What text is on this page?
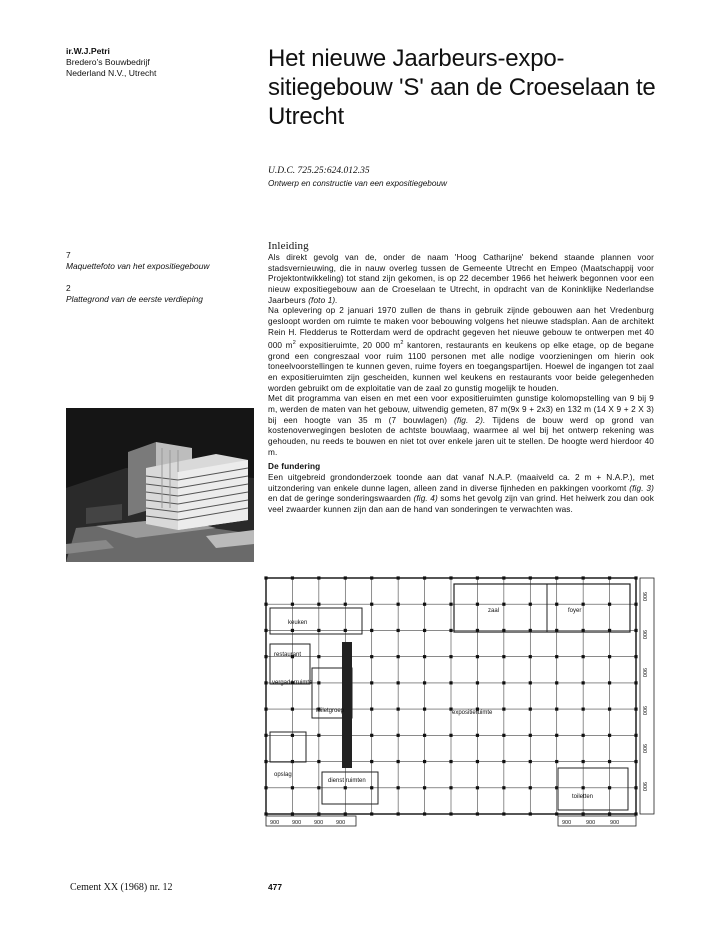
ir.W.J.Petri
Bredero's Bouwbedrijf
Nederland N.V., Utrecht
Het nieuwe Jaarbeurs-expo-sitiegebouw 'S' aan de Croeselaan te Utrecht
U.D.C. 725.25:624.012.35
Ontwerp en constructie van een expositiegebouw
7
Maquettefoto van het expositiegebouw
2
Plattegrond van de eerste verdieping
Inleiding

Als direkt gevolg van de, onder de naam 'Hoog Catharijne' bekend staande plannen voor stadsvernieuwing, die in nauw overleg tussen de Gemeente Utrecht en Empeo (Maatschappij voor Projektontwikkeling) tot stand zijn gekomen, is op 22 december 1966 het heiwerk begonnen voor een nieuw expositiegebouw aan de Croeselaan te Utrecht, in opdracht van de Koninklijke Nederlandse Jaarbeurs (foto 1).

Na oplevering op 2 januari 1970 zullen de thans in gebruik zijnde gebouwen aan het Vredenburg gesloopt worden om ruimte te maken voor bebouwing volgens het nieuwe stadsplan. Aan de architekt Rein H. Fledderus te Rotterdam werd de opdracht gegeven het nieuwe gebouw te ontwerpen met 40 000 $m^2$ expositieruimte, 20 000 $m^2$ kantoren, restaurants en keukens op elke etage, op de begane grond een congreszaal voor ruim 1100 personen met alle nodige voorzieningen om hierin ook toneelvoorstellingen te kunnen geven, ruime foyers en toegangspartijen. Hoewel de ingangen tot zaal en expositieruimten zijn gescheiden, kunnen wel keukens en restaurants voor beide gelegenheden worden gebruikt om de exploitatie van de zaal zo gunstig mogelijk te houden.

Met dit programma van eisen en met een voor expositieruimten gunstige kolomopstelling van 9 bij 9 m, werden de maten van het gebouw, uitwendig gemeten, 87 m(9x 9 + 2x3) en 132 m (14 X 9 + 2 X 3) bij een hoogte van 35 m (7 bouwlagen) (fig. 2). Tijdens de bouw werd op grond van kostenoverwegingen besloten de achtste bouwlaag, waarmee al wel bij het ontwerp rekening was gehouden, nu reeds te bouwen en niet tot over enkele jaren uit te stellen. De hoogte werd hierdoor 40 m.

De fundering

Een uitgebreid grondonderzoek toonde aan dat vanaf N.A.P. (maaiveld ca. 2 m + N.A.P.), met uitzondering van enkele dunne lagen, alleen zand in diverse fijnheden en pakkingen voorkomt (fig. 3) en dat de geringe sonderingswaarden (fig. 4) soms het gevolg zijn van grind. Het heiwerk zou dan ook veel zwaarder kunnen zijn dan aan de hand van sonderingen te verwachten was.

keuken
restaurant
vergaderruimte
toiletgroep	expositieruimte
zaal	foyer
opslag
dienst ruimten
toiletten
900 900 900 900	900	900	900
900
900
900
900
900
900
Cement XX (1968) nr. 12	477
